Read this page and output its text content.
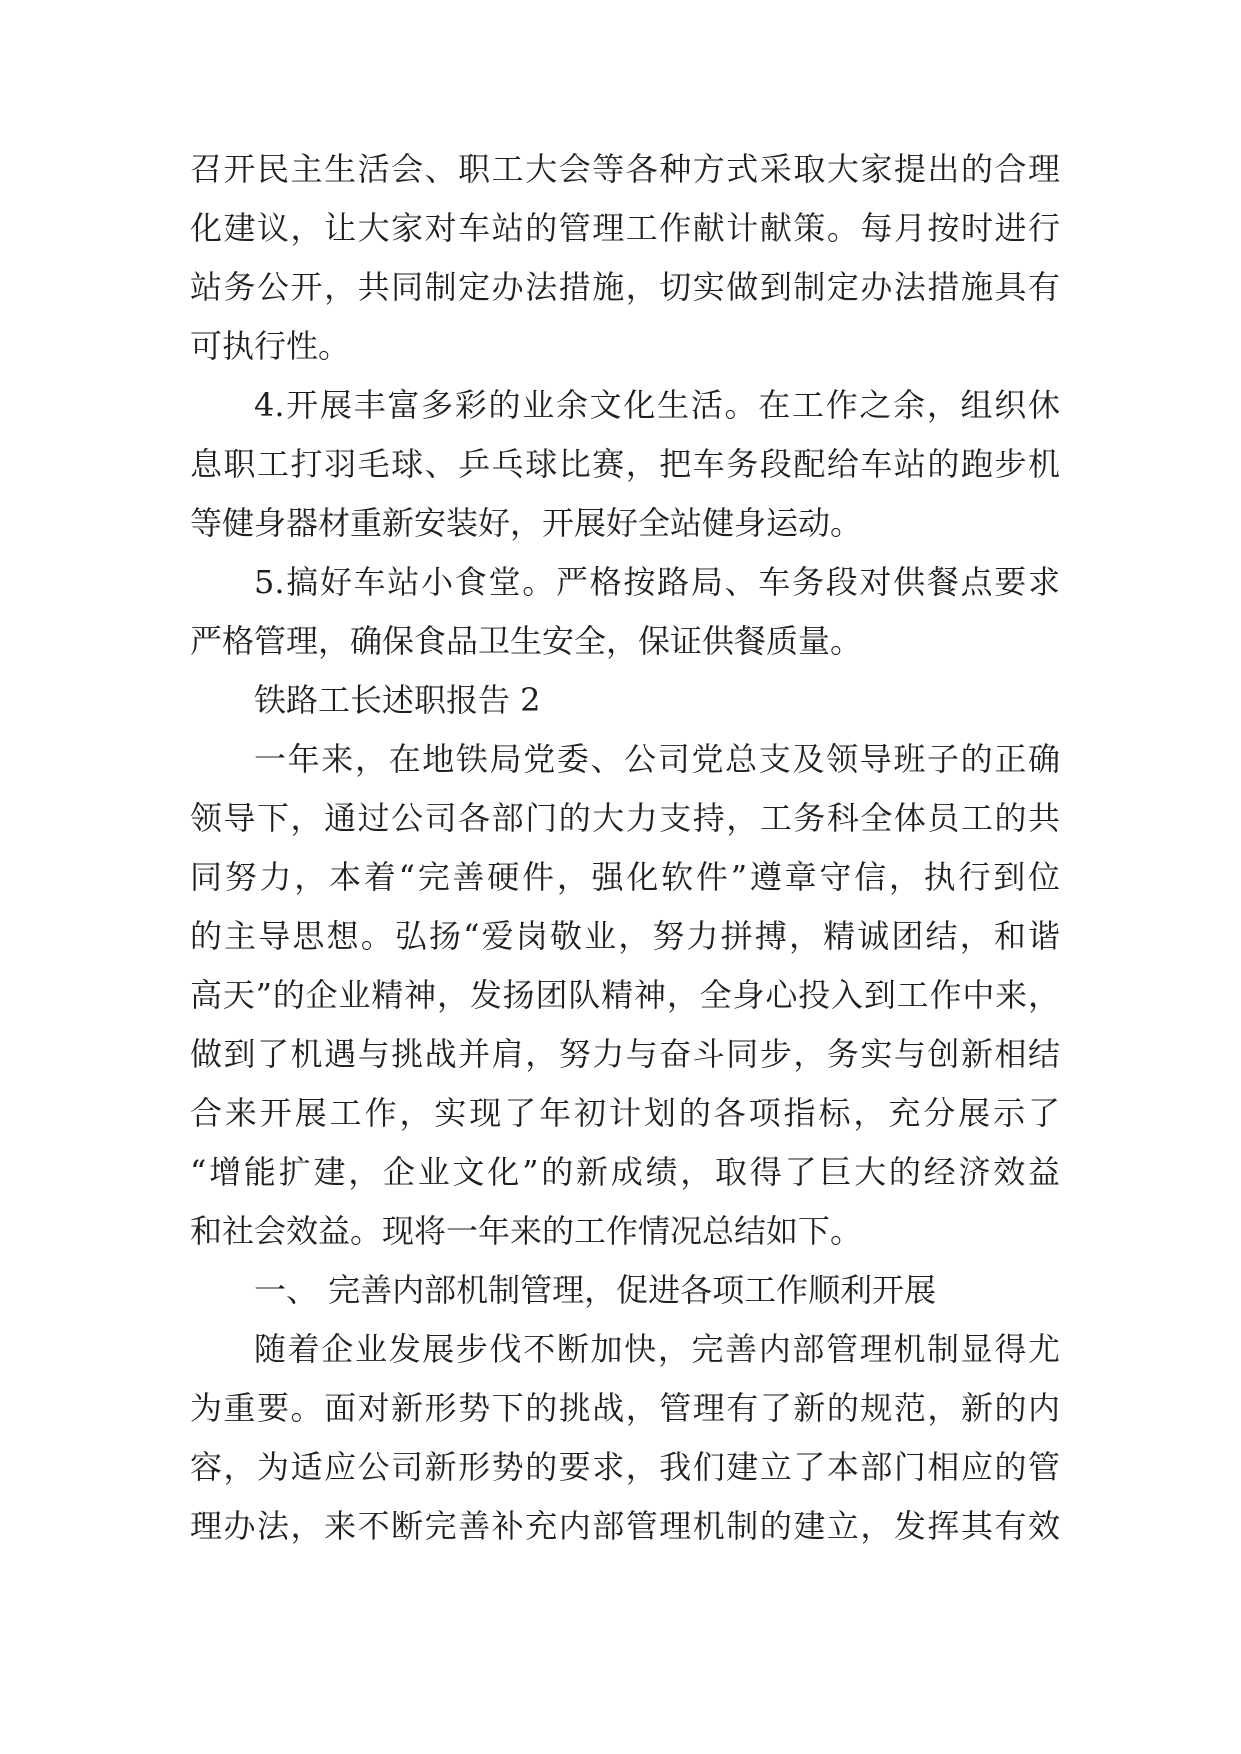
召开民主生活会、职工大会等各种方式采取大家提出的合理
化建议，让大家对车站的管理工作献计献策。每月按时进行
站务公开，共同制定办法措施，切实做到制定办法措施具有
可执行性。
4.开展丰富多彩的业余文化生活。在工作之余，组织休
息职工打羽毛球、乒乓球比赛，把车务段配给车站的跑步机
等健身器材重新安装好，开展好全站健身运动。
5.搞好车站小食堂。严格按路局、车务段对供餐点要求
严格管理，确保食品卫生安全，保证供餐质量。
铁路工长述职报告 2
一年来，在地铁局党委、公司党总支及领导班子的正确
领导下，通过公司各部门的大力支持，工务科全体员工的共
同努力，本着“完善硬件，强化软件”遵章守信，执行到位
的主导思想。弘扬“爱岗敬业，努力拼搏，精诚团结，和谐
高天”的企业精神，发扬团队精神，全身心投入到工作中来，
做到了机遇与挑战并肩，努力与奋斗同步，务实与创新相结
合来开展工作，实现了年初计划的各项指标，充分展示了
“增能扩建，企业文化”的新成绩，取得了巨大的经济效益
和社会效益。现将一年来的工作情况总结如下。
一、 完善内部机制管理，促进各项工作顺利开展
随着企业发展步伐不断加快，完善内部管理机制显得尤
为重要。面对新形势下的挑战，管理有了新的规范，新的内
容，为适应公司新形势的要求，我们建立了本部门相应的管
理办法，来不断完善补充内部管理机制的建立，发挥其有效
